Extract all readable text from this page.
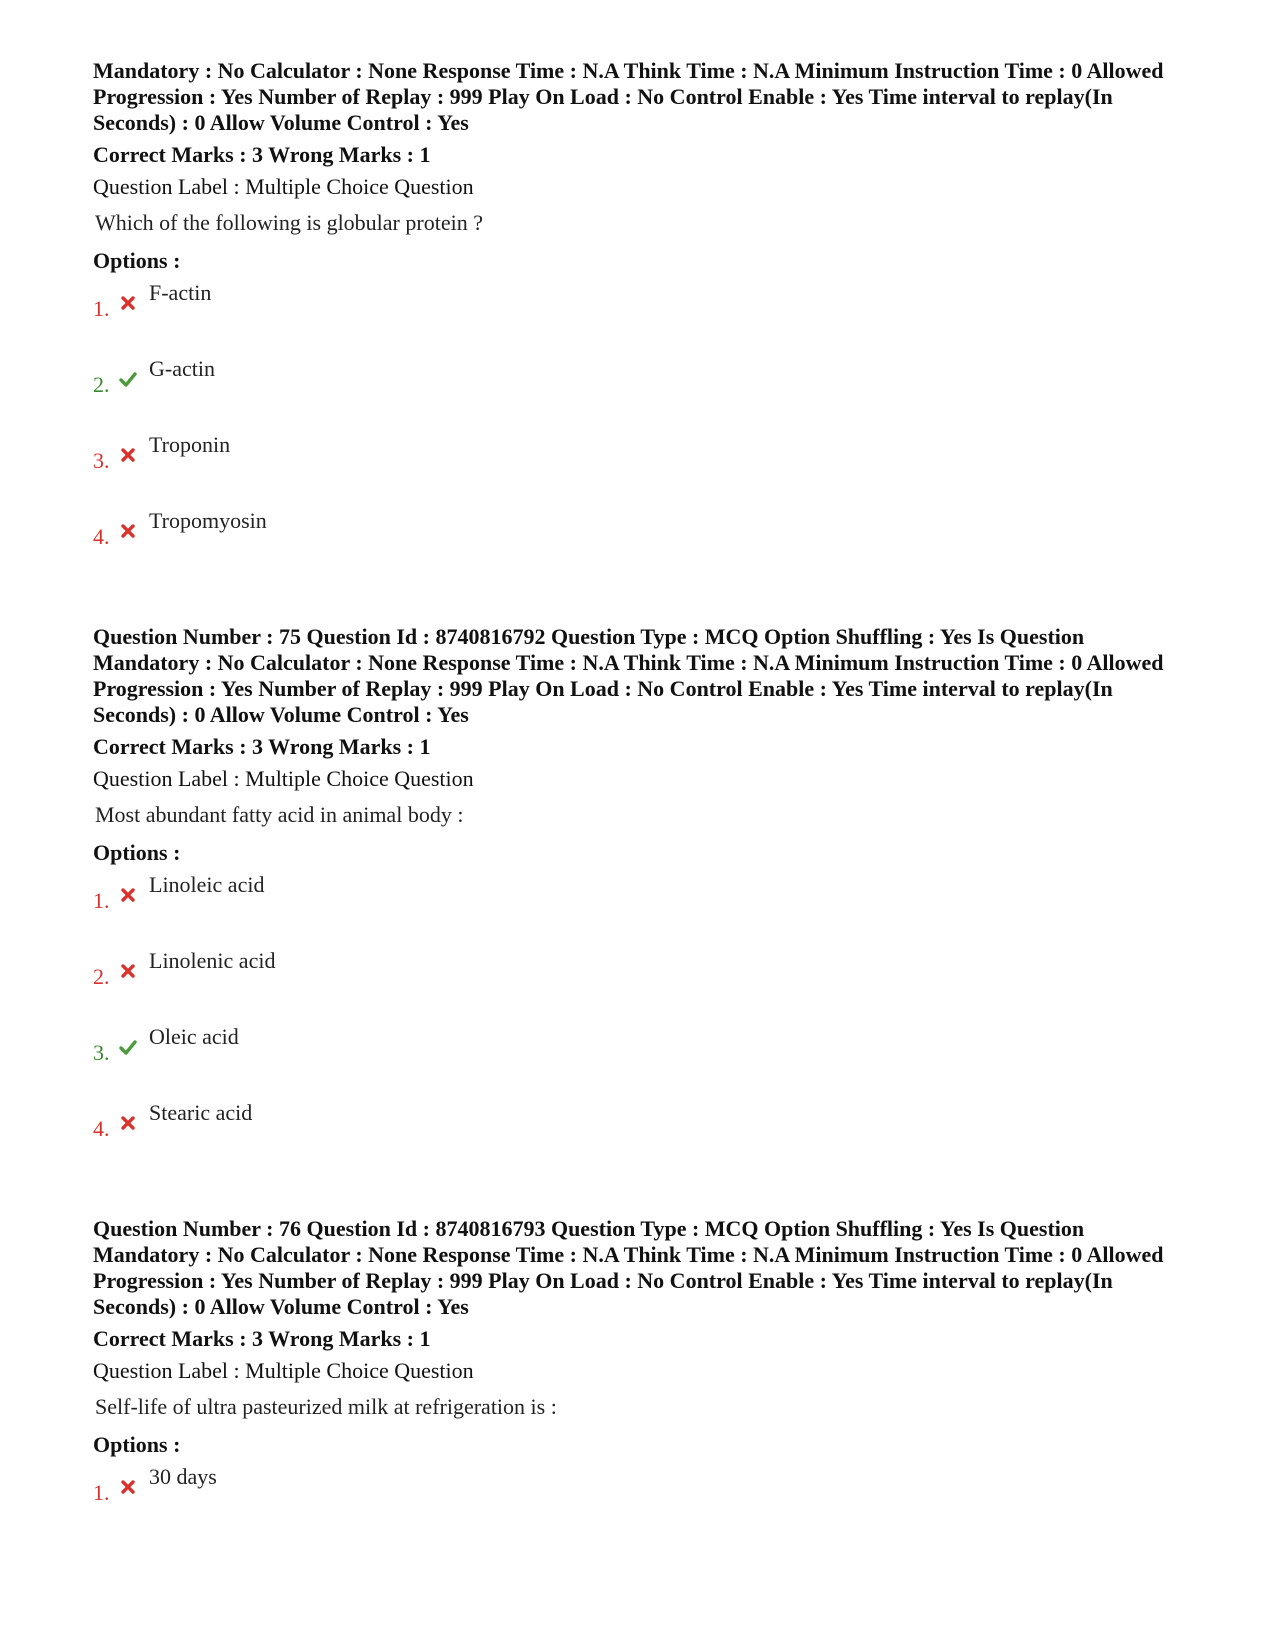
Mandatory : No Calculator : None Response Time : N.A Think Time : N.A Minimum Instruction Time : 0 Allowed Progression : Yes Number of Replay : 999 Play On Load : No Control Enable : Yes Time interval to replay(In Seconds) : 0 Allow Volume Control : Yes

Correct Marks : 3 Wrong Marks : 1
Question Label : Multiple Choice Question
Which of the following is globular protein ?
Options :
1.
F-actin
2.
G-actin
3.
Troponin
4.
Tropomyosin

Question Number : 75 Question Id : 8740816792 Question Type : MCQ Option Shuffling : Yes Is Question Mandatory : No Calculator : None Response Time : N.A Think Time : N.A Minimum Instruction Time : 0 Allowed Progression : Yes Number of Replay : 999 Play On Load : No Control Enable : Yes Time interval to replay(In Seconds) : 0 Allow Volume Control : Yes

Correct Marks : 3 Wrong Marks : 1
Question Label : Multiple Choice Question
Most abundant fatty acid in animal body :
Options :
1.
Linoleic acid
2.
Linolenic acid
3.
Oleic acid
4.
Stearic acid

Question Number : 76 Question Id : 8740816793 Question Type : MCQ Option Shuffling : Yes Is Question Mandatory : No Calculator : None Response Time : N.A Think Time : N.A Minimum Instruction Time : 0 Allowed Progression : Yes Number of Replay : 999 Play On Load : No Control Enable : Yes Time interval to replay(In Seconds) : 0 Allow Volume Control : Yes

Correct Marks : 3 Wrong Marks : 1
Question Label : Multiple Choice Question
Self-life of ultra pasteurized milk at refrigeration is :
Options :
1.
30 days
